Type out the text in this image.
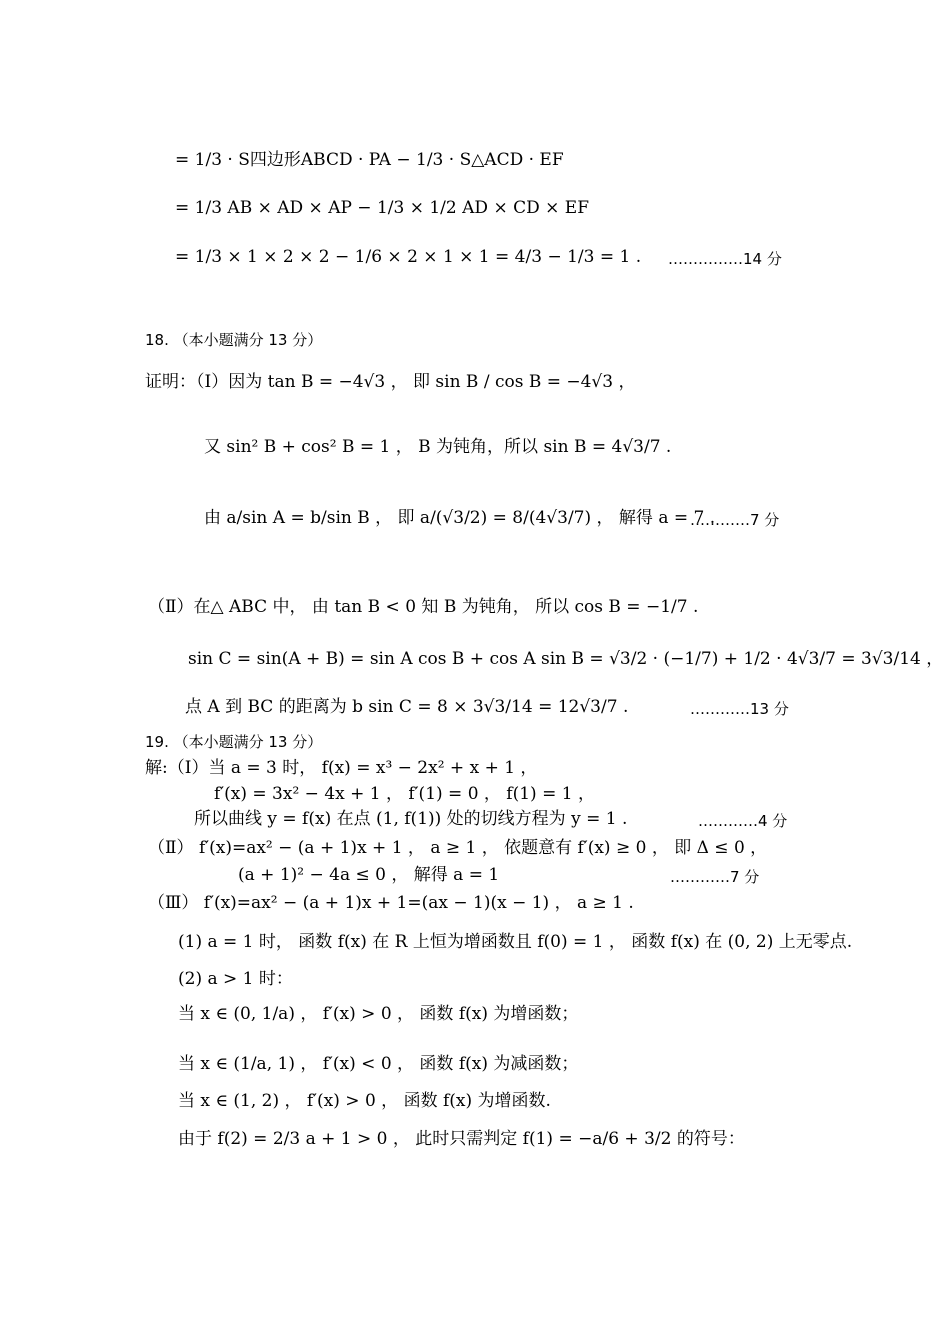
= 1/3 · S四边形ABCD · PA − 1/3 · S△ACD · EF
= 1/3 AB × AD × AP − 1/3 × 1/2 AD × CD × EF
= 1/3 × 1 × 2 × 2 − 1/6 × 2 × 1 × 1 = 4/3 − 1/3 = 1 . ……………14 分
18. （本小题满分 13 分）
证明：（Ⅰ）因为 tan B = −4√3 ， 即 sin B / cos B = −4√3 ，
又 sin² B + cos² B = 1 ， B 为钝角，所以 sin B = 4√3/7 .
由 a/sin A = b/sin B ， 即 a/(√3/2) = 8/(4√3/7) ， 解得 a = 7 .
…………7 分
（Ⅱ）在△ ABC 中， 由 tan B < 0 知 B 为钝角， 所以 cos B = −1/7 .
sin C = sin(A + B) = sin A cos B + cos A sin B = √3/2 · (−1/7) + 1/2 · 4√3/7 = 3√3/14 ，
点 A 到 BC 的距离为 b sin C = 8 × 3√3/14 = 12√3/7 .	…………13 分
19. （本小题满分 13 分）
解:（Ⅰ）当 a = 3 时， f(x) = x³ − 2x² + x + 1 ，
f′(x) = 3x² − 4x + 1 ， f′(1) = 0 ， f(1) = 1 ，
所以曲线 y = f(x) 在点 (1, f(1)) 处的切线方程为 y = 1 .	…………4 分
（Ⅱ） f′(x)=ax² − (a + 1)x + 1 ， a ≥ 1 ， 依题意有 f′(x) ≥ 0 ， 即 Δ ≤ 0 ，
(a + 1)² − 4a ≤ 0 ， 解得 a = 1	…………7 分
（Ⅲ） f′(x)=ax² − (a + 1)x + 1=(ax − 1)(x − 1) ， a ≥ 1 .
(1) a = 1 时， 函数 f(x) 在 R 上恒为增函数且 f(0) = 1 ， 函数 f(x) 在 (0, 2) 上无零点.
(2) a > 1 时：
当 x ∈ (0, 1/a) ， f′(x) > 0 ， 函数 f(x) 为增函数；
当 x ∈ (1/a, 1) ， f′(x) < 0 ， 函数 f(x) 为减函数；
当 x ∈ (1, 2) ， f′(x) > 0 ， 函数 f(x) 为增函数.
由于 f(2) = 2/3 a + 1 > 0 ， 此时只需判定 f(1) = −a/6 + 3/2 的符号：
